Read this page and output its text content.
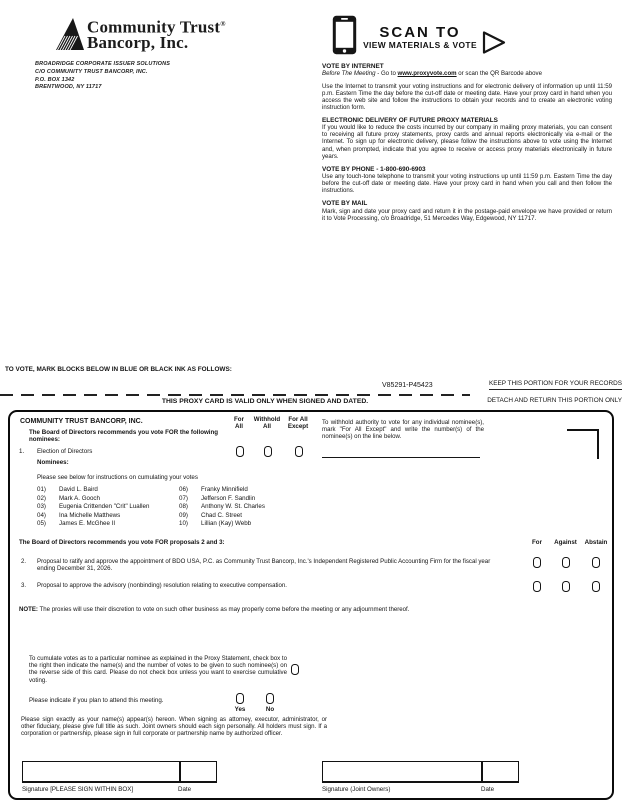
Community Trust®
Bancorp, Inc.
BROADRIDGE CORPORATE ISSUER SOLUTIONS
C/O COMMUNITY TRUST BANCORP, INC.
P.O. BOX 1342
BRENTWOOD, NY 11717
SCAN TO
VIEW MATERIALS & VOTE
VOTE BY INTERNET
Before The Meeting - Go to www.proxyvote.com or scan the QR Barcode above

Use the Internet to transmit your voting instructions and for electronic delivery of information up until 11:59 p.m. Eastern Time the day before the cut-off date or meeting date. Have your proxy card in hand when you access the web site and follow the instructions to obtain your records and to create an electronic voting instruction form.

ELECTRONIC DELIVERY OF FUTURE PROXY MATERIALS

If you would like to reduce the costs incurred by our company in mailing proxy materials, you can consent to receiving all future proxy statements, proxy cards and annual reports electronically via e-mail or the Internet. To sign up for electronic delivery, please follow the instructions above to vote using the Internet and, when prompted, indicate that you agree to receive or access proxy materials electronically in future years.

VOTE BY PHONE - 1-800-690-6903

Use any touch-tone telephone to transmit your voting instructions up until 11:59 p.m. Eastern Time the day before the cut-off date or meeting date. Have your proxy card in hand when you call and then follow the instructions.

VOTE BY MAIL

Mark, sign and date your proxy card and return it in the postage-paid envelope we have provided or return it to Vote Processing, c/o Broadridge, 51 Mercedes Way, Edgewood, NY 11717.

TO VOTE, MARK BLOCKS BELOW IN BLUE OR BLACK INK AS FOLLOWS:
V85291-P45423	KEEP THIS PORTION FOR YOUR RECORDS
THIS PROXY CARD IS VALID ONLY WHEN SIGNED AND DATED.	DETACH AND RETURN THIS PORTION ONLY
COMMUNITY TRUST BANCORP, INC.	For
All
Withhold
All
For All
Except
To withhold authority to vote for any individual nominee(s), mark "For All Except" and write the number(s) of the nominee(s) on the line below.
The Board of Directors recommends you vote FOR the following nominees:
1. Election of Directors
Nominees:
Please see below for instructions on cumulating your votes
01)	David L. Baird	06)	Franky Minnifield
02)	Mark A. Gooch	07)	Jefferson F. Sandlin
03)	Eugenia Crittenden "Crit" Luallen	08)	Anthony W. St. Charles
04)	Ina Michelle Matthews	09)	Chad C. Street
05)	James E. McGhee II	10)	Lillian (Kay) Webb
The Board of Directors recommends you vote FOR proposals 2 and 3:	For	Against	Abstain
2. Proposal to ratify and approve the appointment of BDO USA, P.C. as Community Trust Bancorp, Inc.'s Independent Registered Public Accounting Firm for the fiscal year ending December 31, 2026.
3. Proposal to approve the advisory (nonbinding) resolution relating to executive compensation.
NOTE: The proxies will use their discretion to vote on such other business as may properly come before the meeting or any adjournment thereof.
To cumulate votes as to a particular nominee as explained in the Proxy Statement, check box to the right then indicate the name(s) and the number of votes to be given to such nominee(s) on the reverse side of this card. Please do not check box unless you want to exercise cumulative voting.
Please indicate if you plan to attend this meeting.
Yes	No
Please sign exactly as your name(s) appear(s) hereon. When signing as attorney, executor, administrator, or other fiduciary, please give full title as such. Joint owners should each sign personally. All holders must sign. If a corporation or partnership, please sign in full corporate or partnership name by authorized officer.
Signature [PLEASE SIGN WITHIN BOX]	Date	Signature (Joint Owners)	Date
